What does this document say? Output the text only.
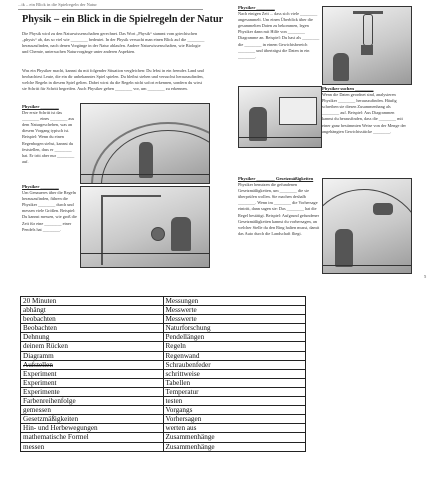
...ik – ein Blick in die Spielregeln der Natur
Physik – ein Blick in die Spielregeln der Natur
Die Physik wird zu den Naturwissenschaften gerechnet. Das Wort „Physik“ stammt vom griechischen „physis“ ab, das so viel wie ________ bedeutet. In der Physik versucht man einen Blick auf die ________ herauszufinden, nach denen Vorgänge in der Natur ablaufen. Andere Naturwissenschaften, wie Biologie und Chemie, untersuchen Naturvorgänge unter anderen Aspekten.
Was ein Physiker macht, kannst du mit folgender Situation vergleichen: Du lebst in ein fremdes Land und beobachtest Leute, die ein dir unbekanntes Spiel spielen. Du bleibst stehen und versuchst herauszufinden, welche Regeln in diesem Spiel gelten. Dabei wirst du die Regeln nicht sofort erkennen, sondern du wirst sie Schritt für Schritt begreifen. Auch Physiker gehen ________ vor, um ________ zu erkennen.
Physiker ________
Der erste Schritt ist das ________ eines ________ aus dem Naturgeschehen, was an diesem Vorgang typisch ist. Beispiel: Wenn du einen Regenbogen siehst, kannst du feststellen, dass er ________ hat. Er tritt aber nur ________ auf.
Physiker ________
Um Genaueres über die Regeln herauszufinden, führen die Physiker ________ durch und messen viele Größen. Beispiel: Du kannst messen, wie groß die Zeit für eine ________ einer Pendels hat ________.
Physiker ________
Nach einigen Zeit ... dass sich viele ________ angesammelt. Um einen Überblick über die gesammelten Daten zu bekommen, legen Physiker dann mit Hilfe von ________ Diagramme an. Beispiel: Du hast als ________ die ________ in einem Gewichtsbereich ________ und überträgst die Daten in ein ________.
Physiker suchen ________
Wenn die Daten geordnet sind, analysieren Physiker ________ herauszufinden. Häufig schreiben sie diesen Zusammenhang als ________ auf. Beispiel: Aus Diagrammen kannst du herausfinden, dass die ________ mit einer ganz bestimmten Weise von der Menge der angehängten Gewichtsstücke ________.
Physiker ________ Gesetzmäßigkeiten
Physiker benutzen die gefundenen Gesetzmäßigkeiten, um ________ die sie überprüfen wollen. Sie machen deshalb ________. Wenn im ________ die Vorhersage eintritt, dann sagen sie: Das ________ hat die Regel bestätigt. Beispiel: Aufgrund gefundener Gesetzmäßigkeiten kannst du vorhersagen, an welcher Stelle du den Ring halten musst, damit das Auto durch die Landschaft fliegt.
5
20 Minuten	Messungen
abhängt	Messwerte
beobachten	Messwerte
Beobachten	Naturforschung
Dehnung	Pendellängen
deinem Rücken	Regeln
Diagramm	Regenwand
Aufstellen	Schraubenfeder
Experiment	schrittweise
Experiment	Tabellen
Experimente	Temperatur
Farbenreihenfolge	testen
gemessen	Vorgangs
Gesetzmäßigkeiten	Vorhersagen
Hin- und Herbewegungen	werten aus
mathematische Formel	Zusammenhänge
messen	Zusammenhänge
